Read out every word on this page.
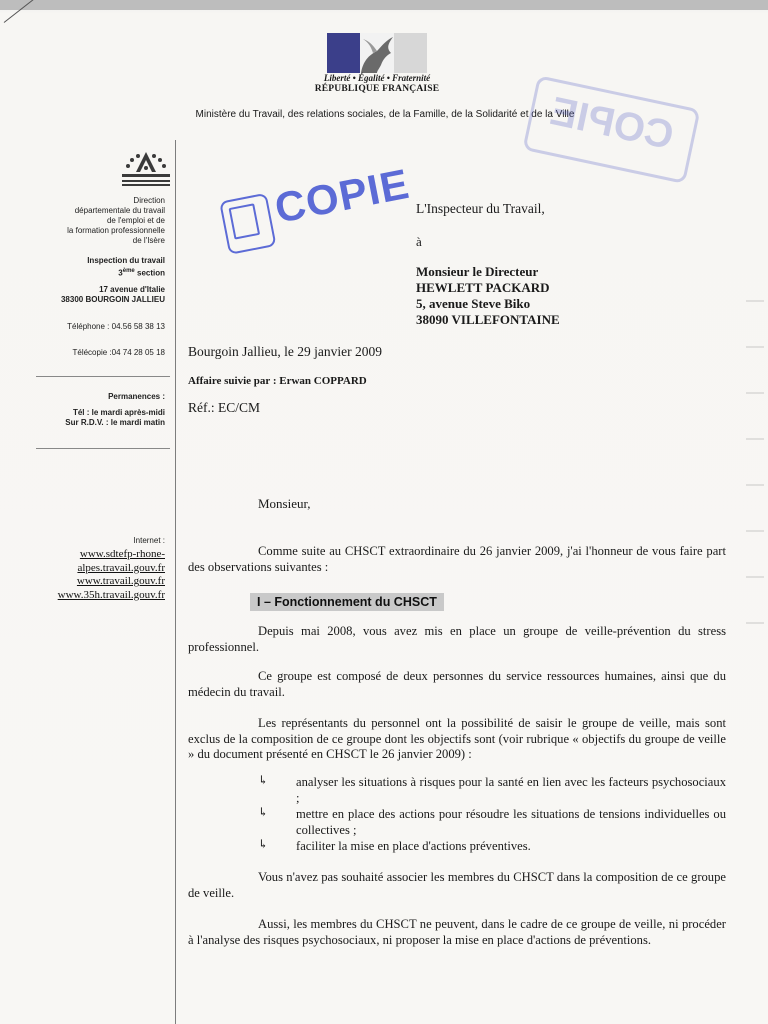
Liberté • Égalité • Fraternité
RÉPUBLIQUE FRANÇAISE
Ministère du Travail, des relations sociales, de la Famille, de la Solidarité et de la Ville
COPIE
Direction
départementale du travail
de l'emploi et de
la formation professionnelle
de l'Isère
Inspection du travail
3ème section
17 avenue d'Italie
38300 BOURGOIN JALLIEU
Téléphone : 04.56 58 38 13
Télécopie :04 74 28 05 18
Permanences :
Tél : le mardi après-midi
Sur R.D.V. : le mardi matin
Internet :
www.sdtefp-rhone-
alpes.travail.gouv.fr
www.travail.gouv.fr
www.35h.travail.gouv.fr
COPIE L'Inspecteur du Travail,
à
Monsieur le Directeur
HEWLETT PACKARD
5, avenue Steve Biko
38090 VILLEFONTAINE
Bourgoin Jallieu, le 29 janvier 2009
Affaire suivie par : Erwan COPPARD
Réf.: EC/CM
Monsieur,
Comme suite au CHSCT extraordinaire du 26 janvier 2009, j'ai l'honneur de vous faire part des observations suivantes :
I – Fonctionnement du CHSCT
Depuis mai 2008, vous avez mis en place un groupe de veille-prévention du stress professionnel.
Ce groupe est composé de deux personnes du service ressources humaines, ainsi que du médecin du travail.
Les représentants du personnel ont la possibilité de saisir le groupe de veille, mais sont exclus de la composition de ce groupe dont les objectifs sont (voir rubrique « objectifs du groupe de veille » du document présenté en CHSCT le 26 janvier 2009) :
↳ analyser les situations à risques pour la santé en lien avec les facteurs psychosociaux ;
↳ mettre en place des actions pour résoudre les situations de tensions individuelles ou collectives ;
↳ faciliter la mise en place d'actions préventives.
Vous n'avez pas souhaité associer les membres du CHSCT dans la composition de ce groupe de veille.
Aussi, les membres du CHSCT ne peuvent, dans le cadre de ce groupe de veille, ni procéder à l'analyse des risques psychosociaux, ni proposer la mise en place d'actions de préventions.
